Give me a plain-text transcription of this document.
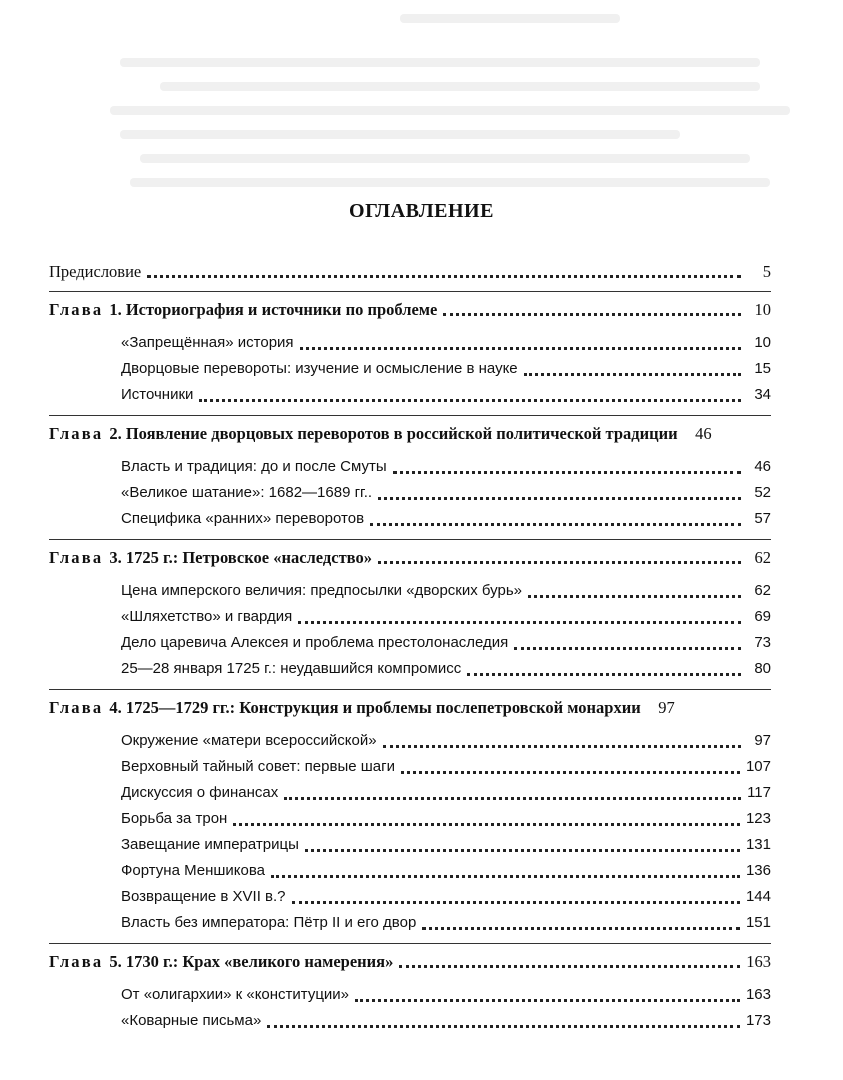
ОГЛАВЛЕНИЕ
Предисловие	5
Глава 1. Историография и источники по проблеме	10
«Запрещённая» история	10
Дворцовые перевороты: изучение и осмысление в науке	15
Источники	34
Глава 2. Появление дворцовых переворотов в российской политической традиции	46
Власть и традиция: до и после Смуты	46
«Великое шатание»: 1682—1689 гг..	52
Специфика «ранних» переворотов	57
Глава 3. 1725 г.: Петровское «наследство»	62
Цена имперского величия: предпосылки «дворских бурь»	62
«Шляхетство» и гвардия	69
Дело царевича Алексея и проблема престолонаследия	73
25—28 января 1725 г.: неудавшийся компромисс	80
Глава 4. 1725—1729 гг.: Конструкция и проблемы послепетровской монархии	97
Окружение «матери всероссийской»	97
Верховный тайный совет: первые шаги	107
Дискуссия о финансах	117
Борьба за трон	123
Завещание императрицы	131
Фортуна Меншикова	136
Возвращение в XVII в.?	144
Власть без императора: Пётр II и его двор	151
Глава 5. 1730 г.: Крах «великого намерения»	163
От «олигархии» к «конституции»	163
«Коварные письма»	173
